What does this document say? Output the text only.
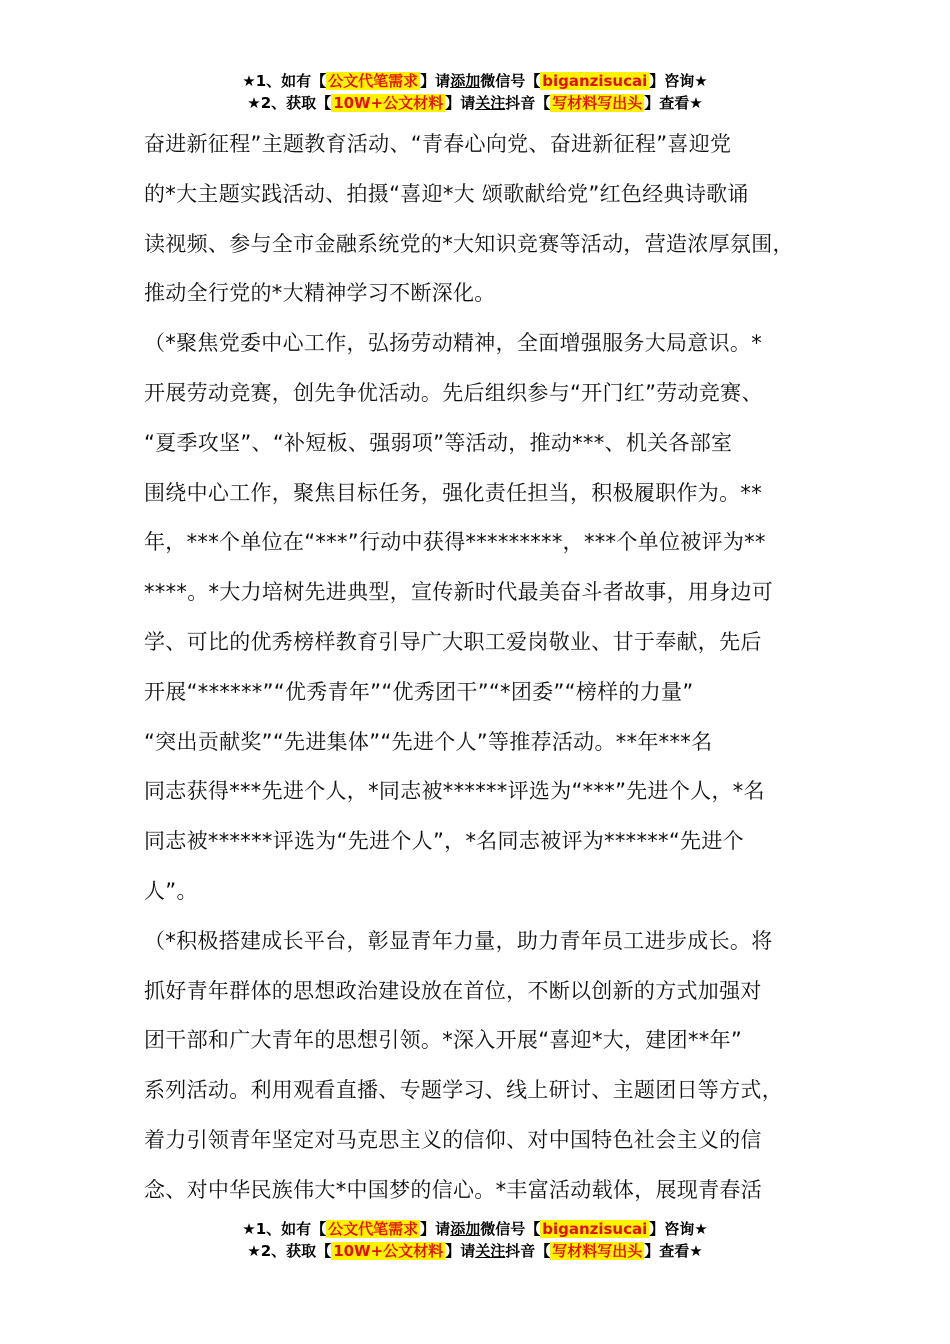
★1、如有【 公文代笔需求 】请添加微信号【 biganzisucai 】咨询★
★2、获取【 10W+公文材料 】请关注抖音【 写材料写出头 】查看★

奋进新征程”主题教育活动、“青春心向党、奋进新征程”喜迎党

的*大主题实践活动、拍摄“喜迎*大 颂歌献给党”红色经典诗歌诵

读视频、参与全市金融系统党的*大知识竞赛等活动，营造浓厚氛围，

推动全行党的*大精神学习不断深化。

（*聚焦党委中心工作，弘扬劳动精神，全面增强服务大局意识。*

开展劳动竞赛，创先争优活动。先后组织参与“开门红”劳动竞赛、

“夏季攻坚”、“补短板、强弱项”等活动，推动***、机关各部室

围绕中心工作，聚焦目标任务，强化责任担当，积极履职作为。**

年，***个单位在“***”行动中获得*********，***个单位被评为**

****。*大力培树先进典型，宣传新时代最美奋斗者故事，用身边可

学、可比的优秀榜样教育引导广大职工爱岗敬业、甘于奉献，先后

开展“******”“优秀青年”“优秀团干”“*团委”“榜样的力量”

“突出贡献奖”“先进集体”“先进个人”等推荐活动。**年***名

同志获得***先进个人，*同志被******评选为“***”先进个人，*名

同志被******评选为“先进个人”，*名同志被评为******“先进个

人”。

（*积极搭建成长平台，彰显青年力量，助力青年员工进步成长。将

抓好青年群体的思想政治建设放在首位，不断以创新的方式加强对

团干部和广大青年的思想引领。*深入开展“喜迎*大，建团**年”

系列活动。利用观看直播、专题学习、线上研讨、主题团日等方式，

着力引领青年坚定对马克思主义的信仰、对中国特色社会主义的信

念、对中华民族伟大*中国梦的信心。*丰富活动载体，展现青春活

★1、如有【 公文代笔需求 】请添加微信号【 biganzisucai 】咨询★
★2、获取【 10W+公文材料 】请关注抖音【 写材料写出头 】查看★
